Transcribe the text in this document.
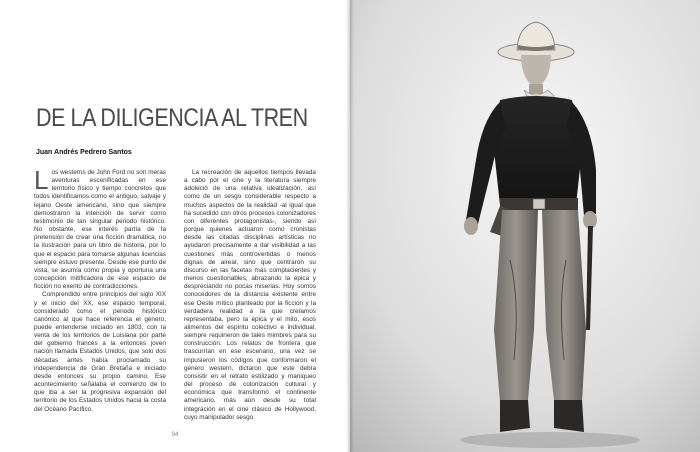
DE LA DILIGENCIA AL TREN

Juan Andrés Pedrero Santos

Los westerns de John Ford no son meras aventuras escenificadas en ese territorio físico y tiempo concretos que todos identificamos como el antiguo, salvaje y lejano Oeste americano, sino que siempre demostraron la intención de servir como testimonio de tan singular periodo histórico. No obstante, ese interés partía de la pretensión de crear una ficción dramática, no la ilustración para un libro de historia, por lo que el espacio para tomarse algunas licencias siempre estuvo presente. Desde ese punto de vista, se asumía como propia y oportuna una concepción mitificadora de ese espacio de ficción no exento de contradicciones.

Comprendido entre principios del siglo XIX y el inicio del XX, ese espacio temporal, considerado como el periodo histórico canónico al que hace referencia el género, puede entenderse iniciado en 1803, con la venta de los territorios de Luisiana por parte del gobierno francés a la entonces joven nación llamada Estados Unidos, que solo dos décadas antes había proclamado su independencia de Gran Bretaña e iniciado desde entonces su propio camino. Ese acontecimiento señalaba el comienzo de lo que iba a ser la progresiva expansión del territorio de los Estados Unidos hacia la costa del Océano Pacífico.

La recreación de aquellos tiempos llevada a cabo por el cine y la literatura siempre adoleció de una relativa idealización, así como de un sesgo considerable respecto a muchos aspectos de la realidad -al igual que ha sucedido con otros procesos colonizadores con diferentes protagonistas-, siendo así porque quienes actuaron como cronistas desde las citadas disciplinas artísticas no ayudaron precisamente a dar visibilidad a las cuestiones más controvertidas o menos dignas de airear, sino que centraron su discurso en las facetas más complacientes y menos cuestionables, abrazando la épica y despreciando no pocas miserias. Hoy somos conocedores de la distancia existente entre ese Oeste mítico planteado por la ficción y la verdadera realidad a la que creíamos representaba, pero la épica y el mito, esos alimentos del espíritu colectivo e individual, siempre requirieron de tales mimbres para su construcción. Los relatos de frontera que trascurrían en ese escenario, una vez se impusieron los códigos que conformaron el género western, dictaron que este debía consistir en el retrato estilizado y maniqueo del proceso de colonización cultural y económica que transformó el continente americano, más aún desde su total integración en el cine clásico de Hollywood, cuyo manipulador sesgo

94
